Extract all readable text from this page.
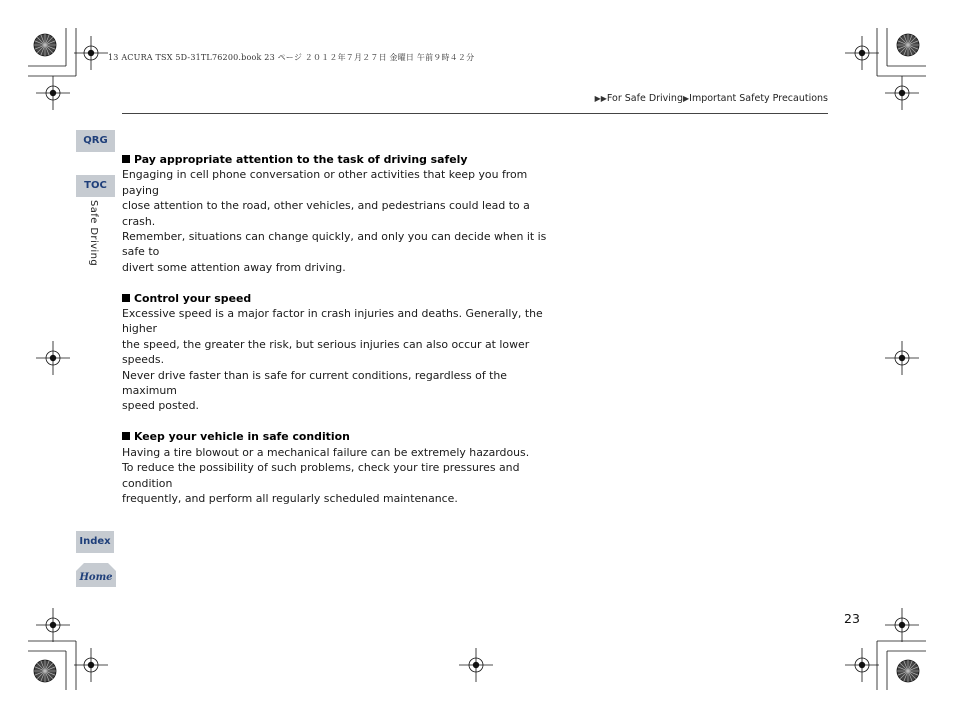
13 ACURA TSX 5D-31TL76200.book 23 ページ ２０１２年７月２７日 金曜日 午前９時４２分
▶▶For Safe Driving▶Important Safety Precautions
QRG
TOC
Safe Driving
Index
Home
Pay appropriate attention to the task of driving safely

Engaging in cell phone conversation or other activities that keep you from paying

close attention to the road, other vehicles, and pedestrians could lead to a crash.

Remember, situations can change quickly, and only you can decide when it is safe to

divert some attention away from driving.

Control your speed

Excessive speed is a major factor in crash injuries and deaths. Generally, the higher

the speed, the greater the risk, but serious injuries can also occur at lower speeds.

Never drive faster than is safe for current conditions, regardless of the maximum

speed posted.

Keep your vehicle in safe condition

Having a tire blowout or a mechanical failure can be extremely hazardous.

To reduce the possibility of such problems, check your tire pressures and condition

frequently, and perform all regularly scheduled maintenance.

23
